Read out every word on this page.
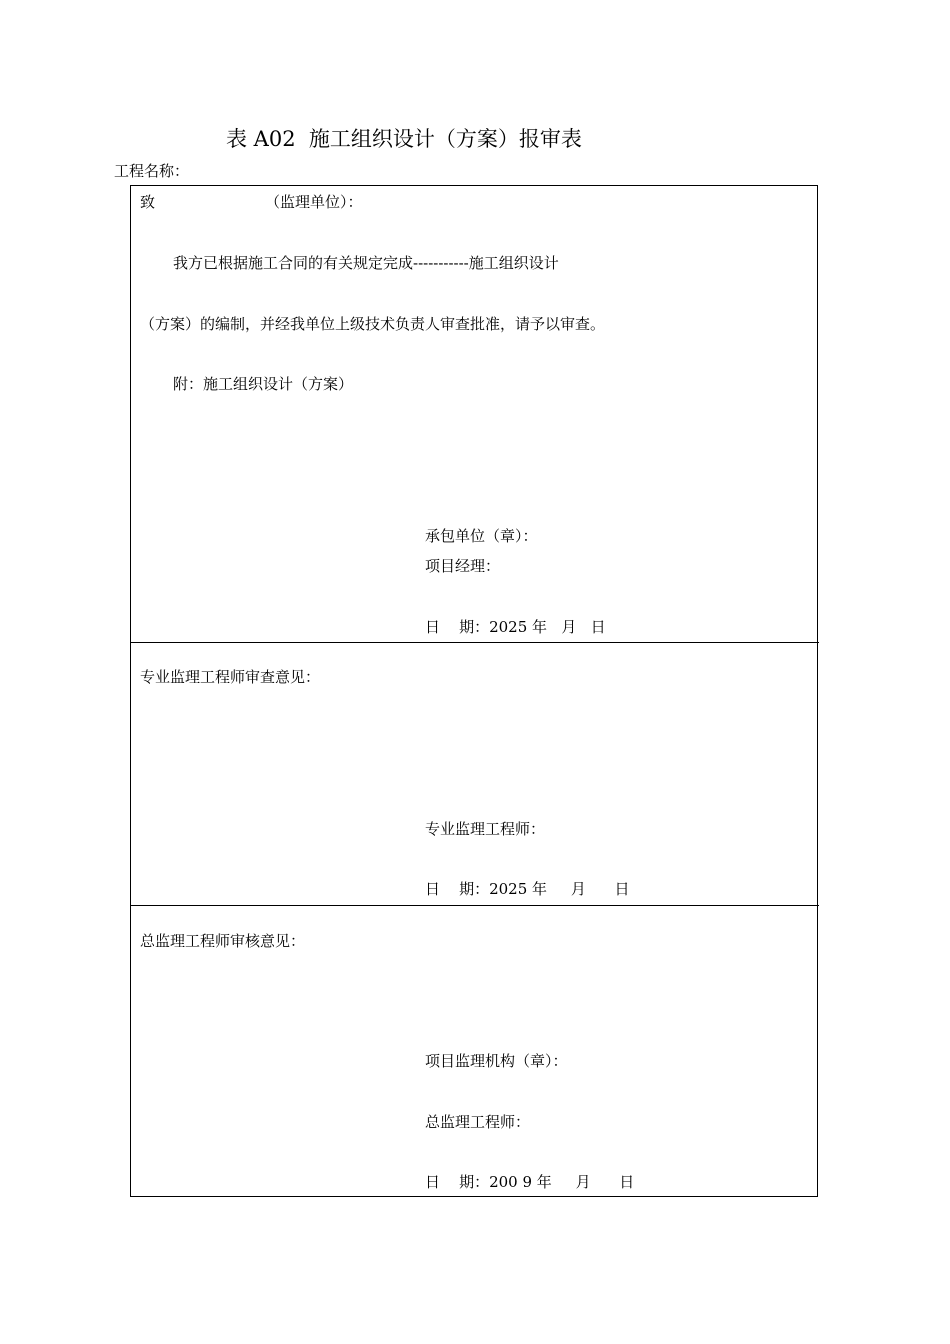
表 A02  施工组织设计（方案）报审表
工程名称：
致	（监理单位）：
我方已根据施工合同的有关规定完成-----------施工组织设计
（方案）的编制，并经我单位上级技术负责人审查批准，请予以审查。
附：施工组织设计（方案）
承包单位（章）：
项目经理：
日    期：2025 年   月   日
专业监理工程师审查意见：
专业监理工程师：
日    期：2025 年     月      日
总监理工程师审核意见：
项目监理机构（章）：
总监理工程师：
日    期：200 9 年     月      日
